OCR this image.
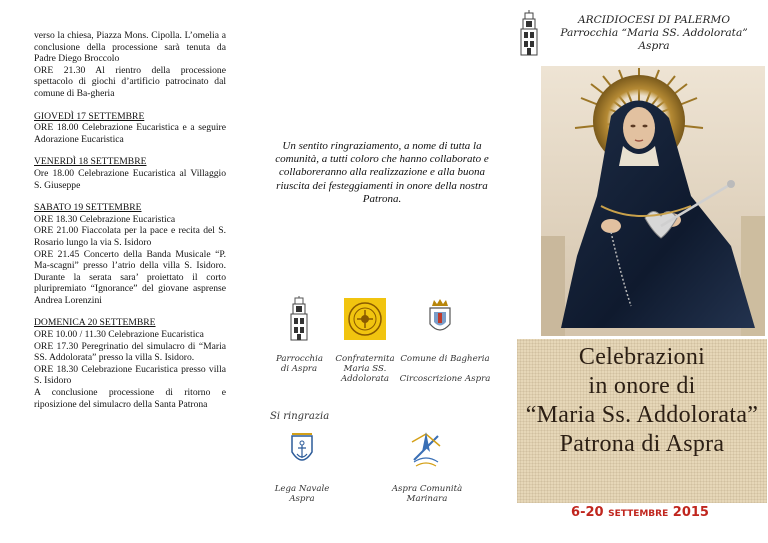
verso la chiesa, Piazza Mons. Cipolla. L’omelia a conclusione della processione sarà tenuta da Padre Diego Broccolo

ORE 21.30 Al rientro della processione spettacolo di giochi d’artificio patrocinato dal comune di Ba-gheria

GIOVEDÌ 17 SETTEMBRE

ORE 18.00 Celebrazione Eucaristica e a seguire Adorazione Eucaristica

VENERDÌ 18 SETTEMBRE

Ore 18.00 Celebrazione Eucaristica al Villaggio S. Giuseppe

SABATO 19 SETTEMBRE

ORE 18.30 Celebrazione Eucaristica

ORE 21.00 Fiaccolata per la pace e recita del S. Rosario lungo la via S. Isidoro

ORE 21.45 Concerto della Banda Musicale “P. Ma-scagni” presso l’atrio della villa S. Isidoro. Durante la serata sara’ proiettato il corto pluripremiato “Ignorance” del giovane asprense Andrea Lorenzini

DOMENICA 20 SETTEMBRE

ORE 10.00 / 11.30 Celebrazione Eucaristica

ORE 17.30 Peregrinatio del simulacro di “Maria SS. Addolorata” presso la villa S. Isidoro.

ORE 18.30 Celebrazione Eucaristica presso villa S. Isidoro

A conclusione processione di ritorno e riposizione del simulacro della Santa Patrona

Un sentito ringraziamento, a nome di tutta la comunità, a tutti coloro che hanno collaborato e collaboreranno alla realizzazione e alla buona riuscita dei festeggiamenti in onore della nostra Patrona.
Parrocchia di Aspra
Confraternita Maria SS. Addolorata
Comune di Bagheria
Circoscrizione Aspra
Si ringrazia
Lega Navale Aspra
Aspra Comunità Marinara
ARCIDIOCESI DI PALERMO
Parrocchia “Maria SS. Addolorata”
Aspra
Celebrazioni
in onore di
“Maria Ss. Addolorata”
Patrona di Aspra
6-20 settembre 2015
